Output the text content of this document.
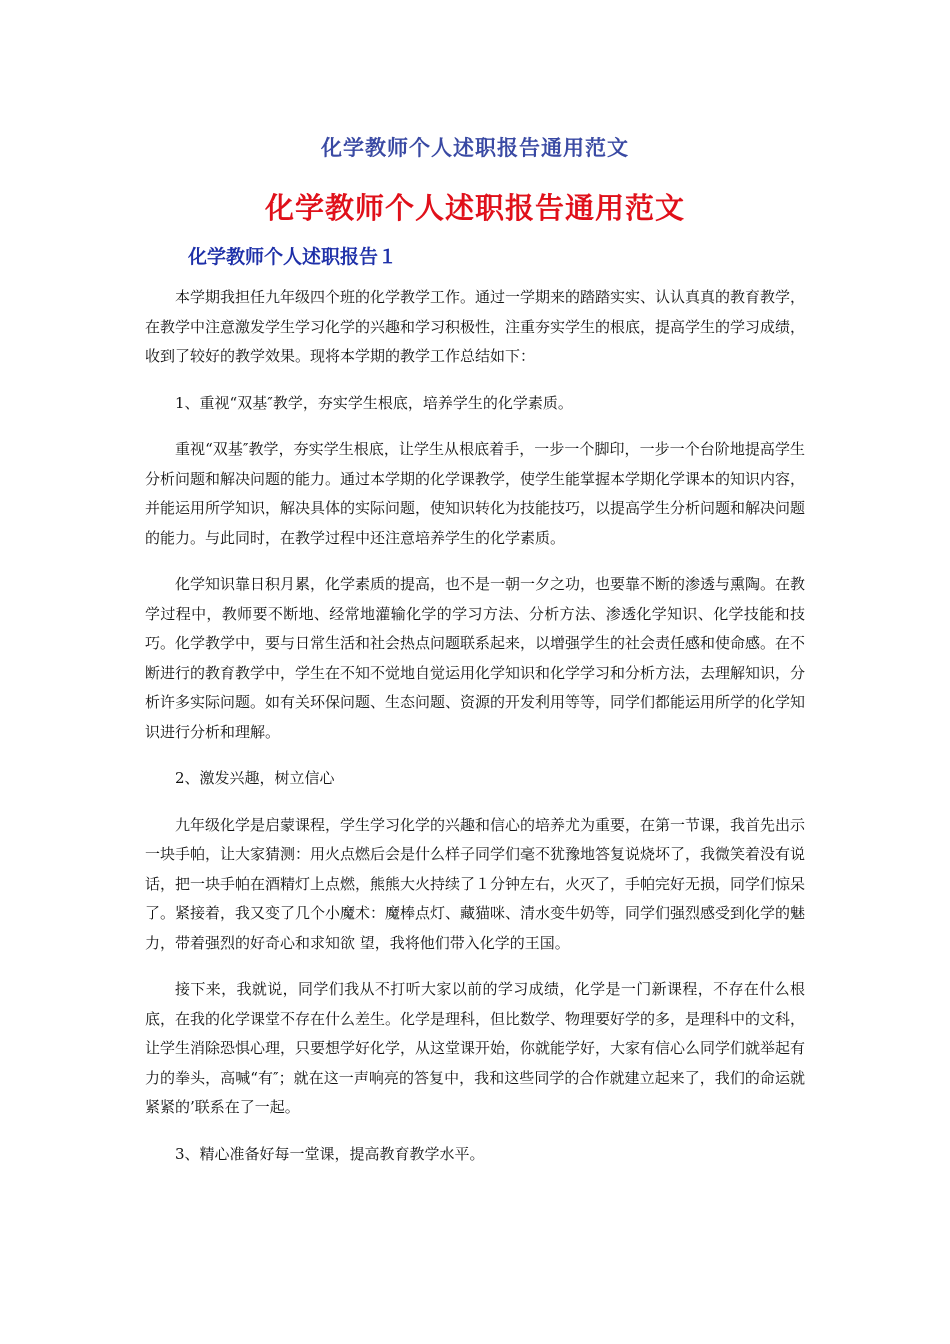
化学教师个人述职报告通用范文
化学教师个人述职报告通用范文
化学教师个人述职报告１

本学期我担任九年级四个班的化学教学工作。通过一学期来的踏踏实实、认认真真的教育教学，在教学中注意激发学生学习化学的兴趣和学习积极性，注重夯实学生的根底，提高学生的学习成绩，收到了较好的教学效果。现将本学期的教学工作总结如下：

1、重视“双基″教学，夯实学生根底，培养学生的化学素质。

重视“双基″教学，夯实学生根底，让学生从根底着手，一步一个脚印，一步一个台阶地提高学生分析问题和解决问题的能力。通过本学期的化学课教学，使学生能掌握本学期化学课本的知识内容，并能运用所学知识，解决具体的实际问题，使知识转化为技能技巧，以提高学生分析问题和解决问题的能力。与此同时，在教学过程中还注意培养学生的化学素质。

化学知识靠日积月累，化学素质的提高，也不是一朝一夕之功，也要靠不断的渗透与熏陶。在教学过程中，教师要不断地、经常地灌输化学的学习方法、分析方法、渗透化学知识、化学技能和技巧。化学教学中，要与日常生活和社会热点问题联系起来，以增强学生的社会责任感和使命感。在不断进行的教育教学中，学生在不知不觉地自觉运用化学知识和化学学习和分析方法，去理解知识，分析许多实际问题。如有关环保问题、生态问题、资源的开发利用等等，同学们都能运用所学的化学知识进行分析和理解。

2、激发兴趣，树立信心

九年级化学是启蒙课程，学生学习化学的兴趣和信心的培养尤为重要，在第一节课，我首先出示一块手帕，让大家猜测：用火点燃后会是什么样子同学们毫不犹豫地答复说烧坏了，我微笑着没有说话，把一块手帕在酒精灯上点燃，熊熊大火持续了１分钟左右，火灭了，手帕完好无损，同学们惊呆了。紧接着，我又变了几个小魔术：魔棒点灯、藏猫咪、清水变牛奶等，同学们强烈感受到化学的魅力，带着强烈的好奇心和求知欲 望，我将他们带入化学的王国。

接下来，我就说，同学们我从不打听大家以前的学习成绩，化学是一门新课程，不存在什么根底，在我的化学课堂不存在什么差生。化学是理科，但比数学、物理要好学的多，是理科中的文科，让学生消除恐惧心理，只要想学好化学，从这堂课开始，你就能学好，大家有信心么同学们就举起有力的拳头，高喊“有″；就在这一声响亮的答复中，我和这些同学的合作就建立起来了，我们的命运就紧紧的’联系在了一起。

3、精心准备好每一堂课，提高教育教学水平。
